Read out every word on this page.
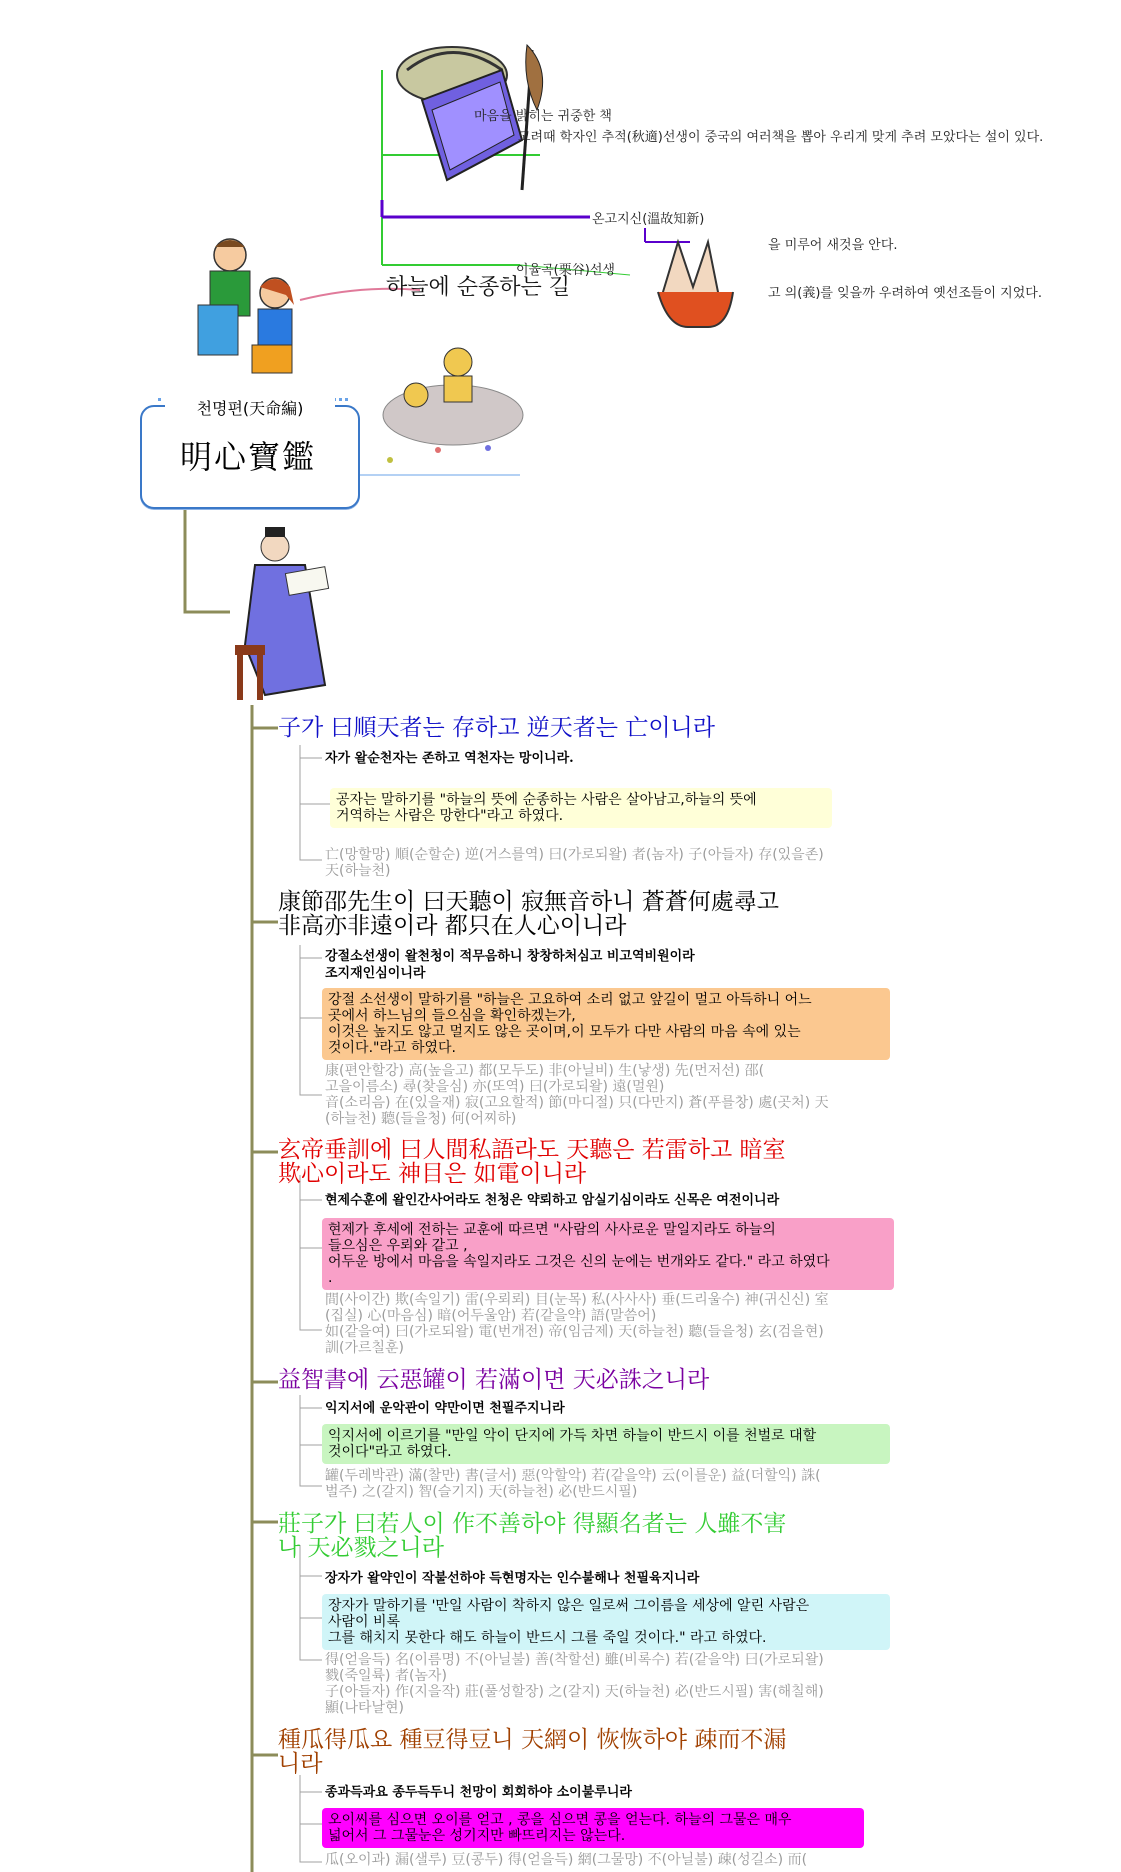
천명편(天命編)
明心寶鑑
마음을 밝히는 귀중한 책
고려때 학자인 추적(秋適)선생이 중국의 여러책을 뽑아 우리게 맞게 추려 모았다는 설이 있다.
온고지신(溫故知新)
을 미루어 새것을 안다.
이율곡(栗谷)선생
고 의(義)를 잊을까 우려하여 옛선조들이 지었다.
하늘에 순종하는 길
子가 曰順天者는 存하고 逆天者는 亡이니라
자가 왈순천자는 존하고 역천자는 망이니라.
공자는 말하기를 "하늘의 뜻에 순종하는 사람은 살아남고,하늘의 뜻에
거역하는 사람은 망한다"라고 하였다.
亡(망할망) 順(순할순) 逆(거스를역) 曰(가로되왈) 者(놈자) 子(아들자) 存(있을존)
天(하늘천)
康節邵先生이 曰天聽이 寂無音하니 蒼蒼何處尋고
非高亦非遠이라 都只在人心이니라
강절소선생이 왈천청이 적무음하니 창창하처심고 비고역비원이라
조지재인심이니라
강절 소선생이 말하기를 "하늘은 고요하여 소리 없고 앞길이 멀고 아득하니 어느
곳에서 하느님의 들으심을 확인하겠는가,
이것은 높지도 않고 멀지도 않은 곳이며,이 모두가 다만 사람의 마음 속에 있는
것이다."라고 하였다.
康(편안할강) 高(높을고) 都(모두도) 非(아닐비) 生(낳생) 先(먼저선) 邵(
고을이름소) 尋(찾을심) 亦(또역) 曰(가로되왈) 遠(멀원)
音(소리음) 在(있을재) 寂(고요할적) 節(마디절) 只(다만지) 蒼(푸를창) 處(곳처) 天
(하늘천) 聽(들을청) 何(어찌하)
玄帝垂訓에 曰人間私語라도 天聽은 若雷하고 暗室
欺心이라도 神目은 如電이니라
현제수훈에 왈인간사어라도 천청은 약뢰하고 암실기심이라도 신목은 여전이니라
현제가 후세에 전하는 교훈에 따르면 "사람의 사사로운 말일지라도 하늘의
들으심은 우뢰와 같고 ,
어두운 방에서 마음을 속일지라도 그것은 신의 눈에는 번개와도 같다." 라고 하였다
.
間(사이간) 欺(속일기) 雷(우뢰뢰) 目(눈목) 私(사사사) 垂(드리울수) 神(귀신신) 室
(집실) 心(마음심) 暗(어두울암) 若(같을약) 語(말씀어)
如(같을여) 曰(가로되왈) 電(번개전) 帝(임금제) 天(하늘천) 聽(들을청) 玄(검을현)
訓(가르칠훈)
益智書에 云惡罐이 若滿이면 天必誅之니라
익지서에 운악관이 약만이면 천필주지니라
익지서에 이르기를 "만일 악이 단지에 가득 차면 하늘이 반드시 이를 천벌로 대할
것이다"라고 하였다.
罐(두레박관) 滿(찰만) 書(글서) 惡(악할악) 若(같을약) 云(이를운) 益(더할익) 誅(
벌주) 之(갈지) 智(슬기지) 天(하늘천) 必(반드시필)
莊子가 曰若人이 作不善하야 得顯名者는 人雖不害
나 天必戮之니라
장자가 왈약인이 작불선하야 득현명자는 인수불해나 천필육지니라
장자가 말하기를 '만일 사람이 착하지 않은 일로써 그이름을 세상에 알린 사람은
사람이 비록
그를 해치지 못한다 해도 하늘이 반드시 그를 죽일 것이다." 라고 하였다.
得(얻을득) 名(이름명) 不(아닐불) 善(착할선) 雖(비록수) 若(같을약) 曰(가로되왈)
戮(죽일륙) 者(놈자)
子(아들자) 作(지을작) 莊(풀성할장) 之(갈지) 天(하늘천) 必(반드시필) 害(해칠해)
顯(나타날현)
種瓜得瓜요 種豆得豆니 天網이 恢恢하야 疎而不漏
니라
종과득과요 종두득두니 천망이 회회하야 소이불루니라
오이씨를 심으면 오이를 얻고 , 콩을 심으면 콩을 얻는다. 하늘의 그물은 매우
넓어서 그 그물눈은 성기지만 빠뜨리지는 않는다.
瓜(오이과) 漏(샐루) 豆(콩두) 得(얻을득) 網(그물망) 不(아닐불) 疎(성길소) 而(
